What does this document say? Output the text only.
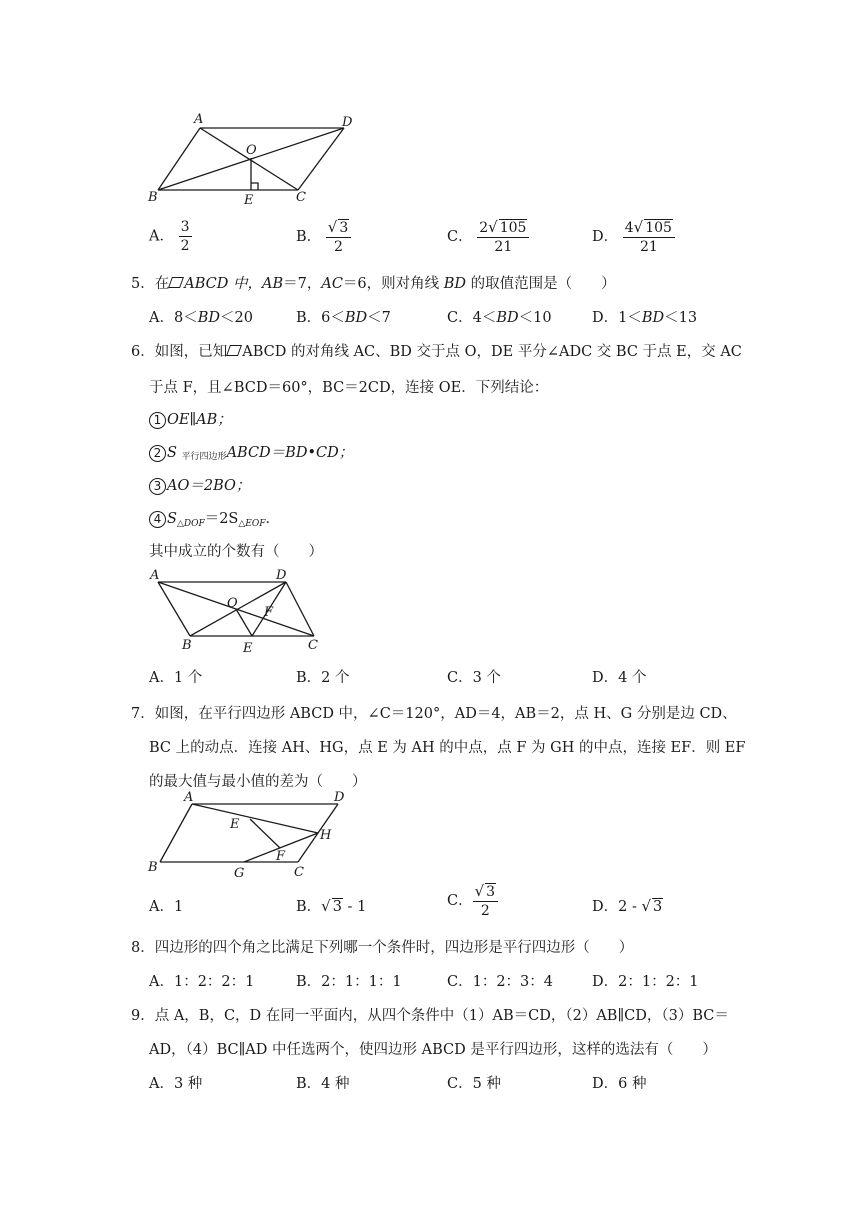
A	D
O
B	C
E
A． $\frac{3}{2}$	B． $\frac{√ 3}{2}$	C． $\frac{2√ 105}{21}$	D． $\frac{4√ 105}{21}$
5．在 ABCD 中，AB＝7，AC＝6，则对角线 BD 的取值范围是（　　）
A．8＜BD＜20	B．6＜BD＜7	C．4＜BD＜10	D．1＜BD＜13
6．如图，已知 ABCD 的对角线 AC、BD 交于点 O，DE 平分∠ADC 交 BC 于点 E，交 AC
于点 F，且∠BCD＝60°，BC＝2CD，连接 OE．下列结论：
1 OE∥AB；
2 S 平行四边形ABCD＝BD•CD；
3 AO＝2BO；
4 $S_{\triangle DOF}=2S_{\triangle EOF}$．
其中成立的个数有（　　）
A	D
O
F
B	E	C
A．1 个	B．2 个	C．3 个	D．4 个
7．如图，在平行四边形 ABCD 中，∠C＝120°，AD＝4，AB＝2，点 H、G 分别是边 CD、
BC 上的动点．连接 AH、HG，点 E 为 AH 的中点，点 F 为 GH 的中点，连接 EF．则 EF
的最大值与最小值的差为（　　）
A	D
E
H
F
B	G	C
A．1	B．√ 3 - 1	C． $\frac{√ 3}{2}$	D．2 - √ 3
8．四边形的四个角之比满足下列哪一个条件时，四边形是平行四边形（　　）
A．1：2：2：1	B．2：1：1：1	C．1：2：3：4	D．2：1：2：1
9．点 A，B，C，D 在同一平面内，从四个条件中（1）AB＝CD，（2）AB∥CD，（3）BC＝
AD，（4）BC∥AD 中任选两个，使四边形 ABCD 是平行四边形，这样的选法有（　　）
A．3 种	B．4 种	C．5 种	D．6 种
